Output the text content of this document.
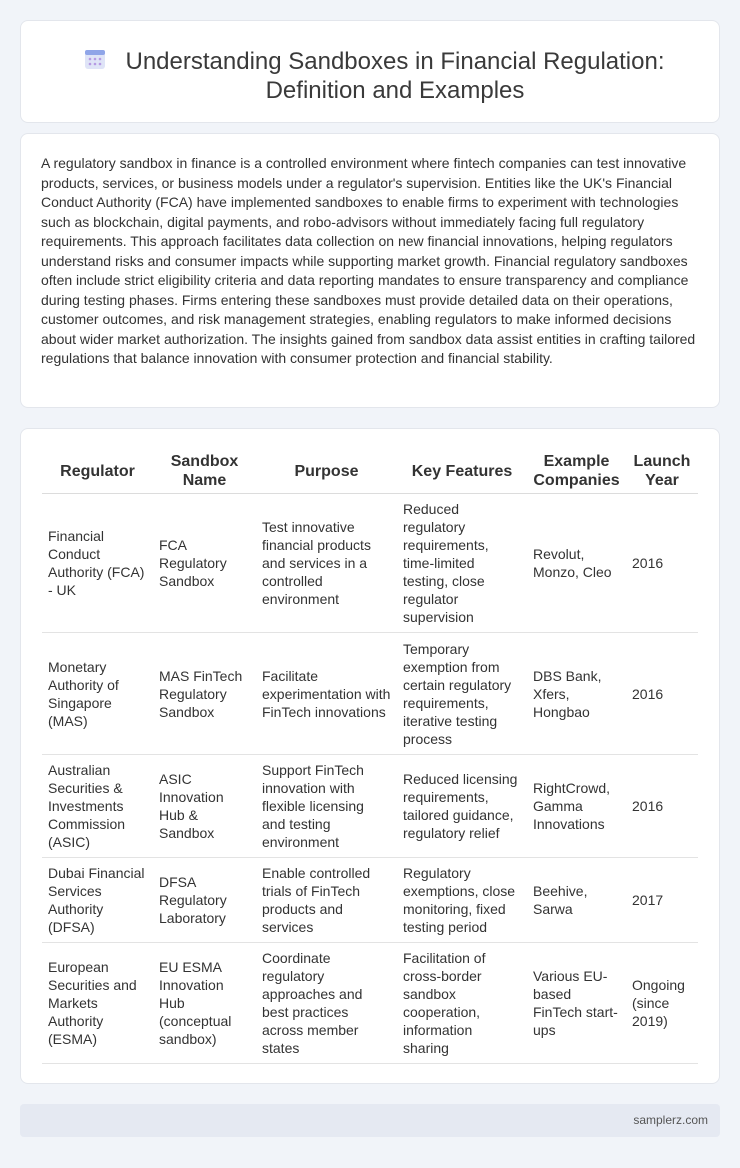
Understanding Sandboxes in Financial Regulation: Definition and Examples

A regulatory sandbox in finance is a controlled environment where fintech companies can test innovative products, services, or business models under a regulator's supervision. Entities like the UK's Financial Conduct Authority (FCA) have implemented sandboxes to enable firms to experiment with technologies such as blockchain, digital payments, and robo-advisors without immediately facing full regulatory requirements. This approach facilitates data collection on new financial innovations, helping regulators understand risks and consumer impacts while supporting market growth. Financial regulatory sandboxes often include strict eligibility criteria and data reporting mandates to ensure transparency and compliance during testing phases. Firms entering these sandboxes must provide detailed data on their operations, customer outcomes, and risk management strategies, enabling regulators to make informed decisions about wider market authorization. The insights gained from sandbox data assist entities in crafting tailored regulations that balance innovation with consumer protection and financial stability.

Regulator	Sandbox Name	Purpose	Key Features	Example Companies	Launch Year
Financial Conduct Authority (FCA) - UK	FCA Regulatory Sandbox	Test innovative financial products and services in a controlled environment	Reduced regulatory requirements, time-limited testing, close regulator supervision	Revolut, Monzo, Cleo	2016
Monetary Authority of Singapore (MAS)	MAS FinTech Regulatory Sandbox	Facilitate experimentation with FinTech innovations	Temporary exemption from certain regulatory requirements, iterative testing process	DBS Bank, Xfers, Hongbao	2016
Australian Securities & Investments Commission (ASIC)	ASIC Innovation Hub & Sandbox	Support FinTech innovation with flexible licensing and testing environment	Reduced licensing requirements, tailored guidance, regulatory relief	RightCrowd, Gamma Innovations	2016
Dubai Financial Services Authority (DFSA)	DFSA Regulatory Laboratory	Enable controlled trials of FinTech products and services	Regulatory exemptions, close monitoring, fixed testing period	Beehive, Sarwa	2017
European Securities and Markets Authority (ESMA)	EU ESMA Innovation Hub (conceptual sandbox)	Coordinate regulatory approaches and best practices across member states	Facilitation of cross-border sandbox cooperation, information sharing	Various EU-based FinTech start-ups	Ongoing (since 2019)
samplerz.com
